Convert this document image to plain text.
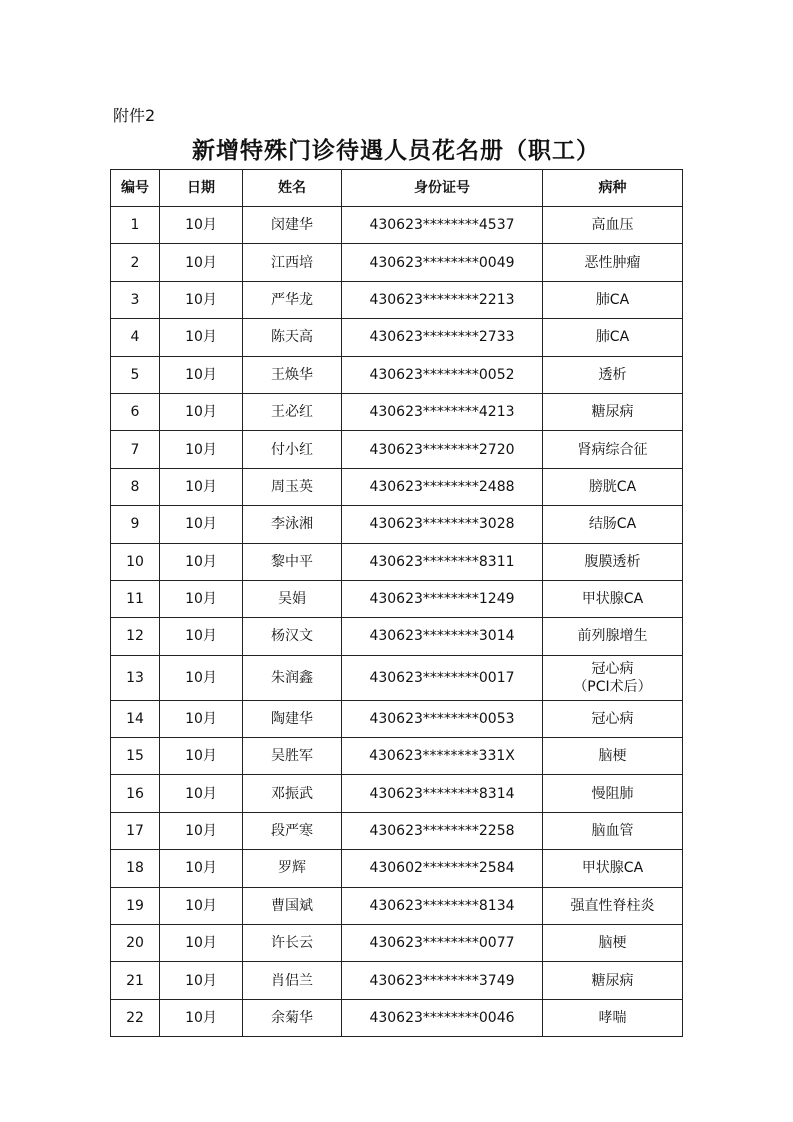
附件2
新增特殊门诊待遇人员花名册（职工）
编号	日期	姓名	身份证号	病种
1	10月	闵建华	430623********4537	高血压
2	10月	江西培	430623********0049	恶性肿瘤
3	10月	严华龙	430623********2213	肺CA
4	10月	陈天高	430623********2733	肺CA
5	10月	王焕华	430623********0052	透析
6	10月	王必红	430623********4213	糖尿病
7	10月	付小红	430623********2720	肾病综合征
8	10月	周玉英	430623********2488	膀胱CA
9	10月	李泳湘	430623********3028	结肠CA
10	10月	黎中平	430623********8311	腹膜透析
11	10月	吴娟	430623********1249	甲状腺CA
12	10月	杨汉文	430623********3014	前列腺增生
13	10月	朱润鑫	430623********0017	冠心病
（PCI术后）

14	10月	陶建华	430623********0053	冠心病
15	10月	吴胜军	430623********331X	脑梗
16	10月	邓振武	430623********8314	慢阻肺
17	10月	段严寒	430623********2258	脑血管
18	10月	罗辉	430602********2584	甲状腺CA
19	10月	曹国斌	430623********8134	强直性脊柱炎
20	10月	许长云	430623********0077	脑梗
21	10月	肖侣兰	430623********3749	糖尿病
22	10月	余菊华	430623********0046	哮喘
